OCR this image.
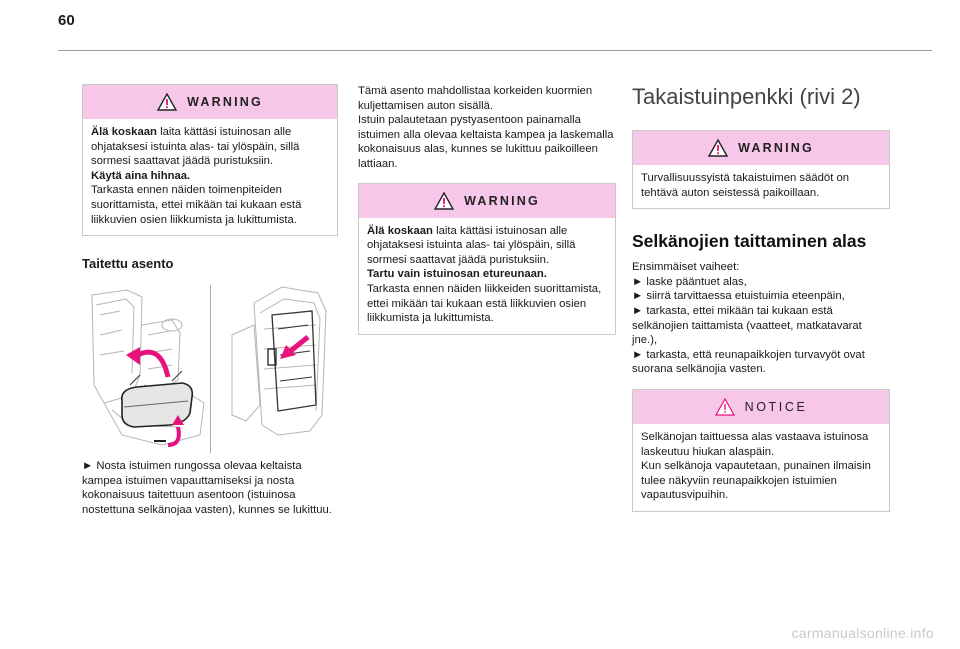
60
WARNING

Älä koskaan laita kättäsi istuinosan alle ohjataksesi istuinta alas- tai ylöspäin, sillä sormesi saattavat jäädä puristuksiin.

Käytä aina hihnaa.

Tarkasta ennen näiden toimenpiteiden suorittamista, ettei mikään tai kukaan estä liikkuvien osien liikkumista ja lukittumista.

Taitettu asento
► Nosta istuimen rungossa olevaa keltaista kampea istuimen vapauttamiseksi ja nosta kokonaisuus taitettuun asentoon (istuinosa nostettuna selkänojaa vasten), kunnes se lukittuu.

Tämä asento mahdollistaa korkeiden kuormien kuljettamisen auton sisällä.

Istuin palautetaan pystyasentoon painamalla istuimen alla olevaa keltaista kampea ja laskemalla kokonaisuus alas, kunnes se lukittuu paikoilleen lattiaan.

WARNING

Älä koskaan laita kättäsi istuinosan alle ohjataksesi istuinta alas- tai ylöspäin, sillä sormesi saattavat jäädä puristuksiin.

Tartu vain istuinosan etureunaan.

Tarkasta ennen näiden liikkeiden suorittamista, ettei mikään tai kukaan estä liikkuvien osien liikkumista ja lukittumista.

Takaistuinpenkki (rivi 2)
WARNING

Turvallisuussyistä takaistuimen säädöt on tehtävä auton seistessä paikoillaan.

Selkänojien taittaminen alas

Ensimmäiset vaiheet:

► laske pääntuet alas,

► siirrä tarvittaessa etuistuimia eteenpäin,

► tarkasta, ettei mikään tai kukaan estä selkänojien taittamista (vaatteet, matkatavarat jne.),

► tarkasta, että reunapaikkojen turvavyöt ovat suorana selkänojia vasten.

NOTICE

Selkänojan taittuessa alas vastaava istuinosa laskeutuu hiukan alaspäin.

Kun selkänoja vapautetaan, punainen ilmaisin tulee näkyviin reunapaikkojen istuimien vapautusvipuihin.

carmanualsonline.info
